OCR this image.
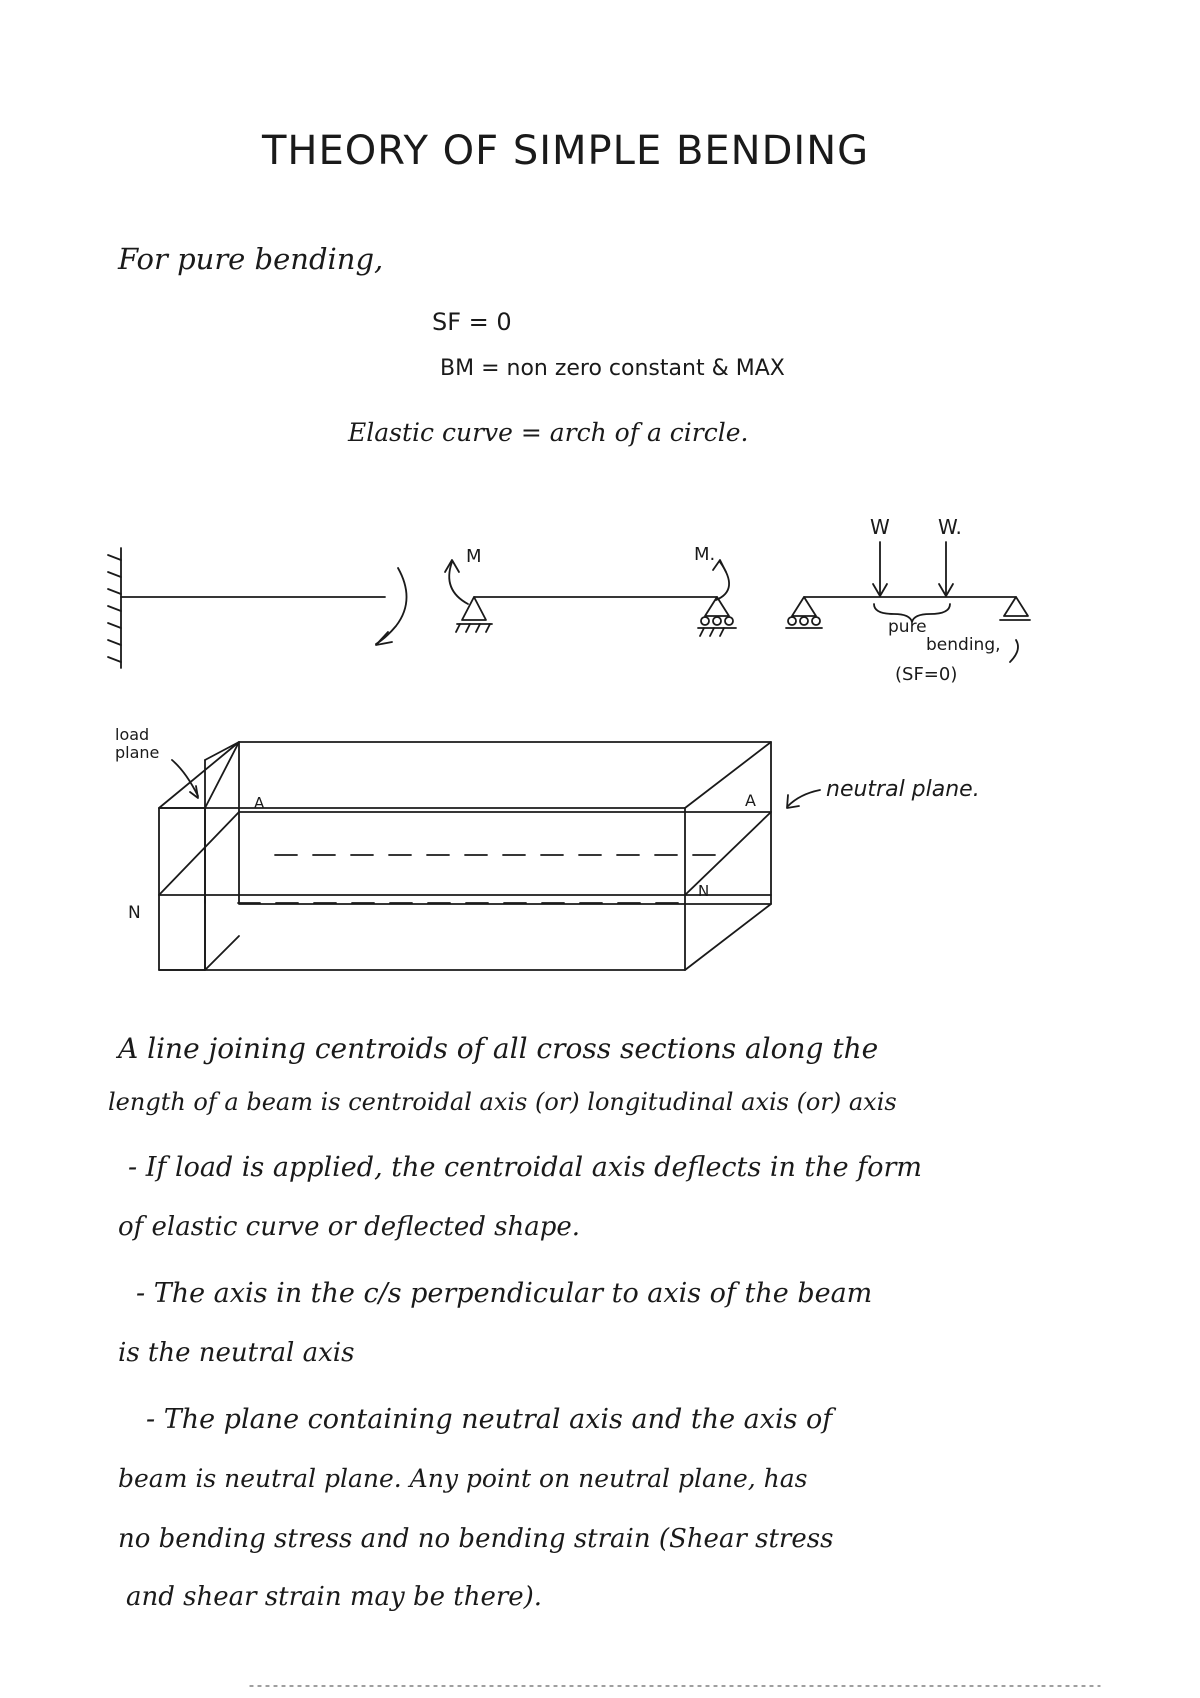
THEORY OF SIMPLE BENDING
For pure bending,
SF = 0
BM = non zero constant & MAX
Elastic curve = arch of a circle.
M	M.
W W.
pure
bending,
(SF=0)
load
plane
A	A
N
N
neutral plane.
A line joining centroids of all cross sections along the
length of a beam is centroidal axis (or) longitudinal axis (or) axis
- If load is applied, the centroidal axis deflects in the form
of elastic curve or deflected shape.
- The axis in the c/s perpendicular to axis of the beam
is the neutral axis
- The plane containing neutral axis and the axis of
beam is neutral plane. Any point on neutral plane, has
no bending stress and no bending strain (Shear stress
and shear strain may be there).
